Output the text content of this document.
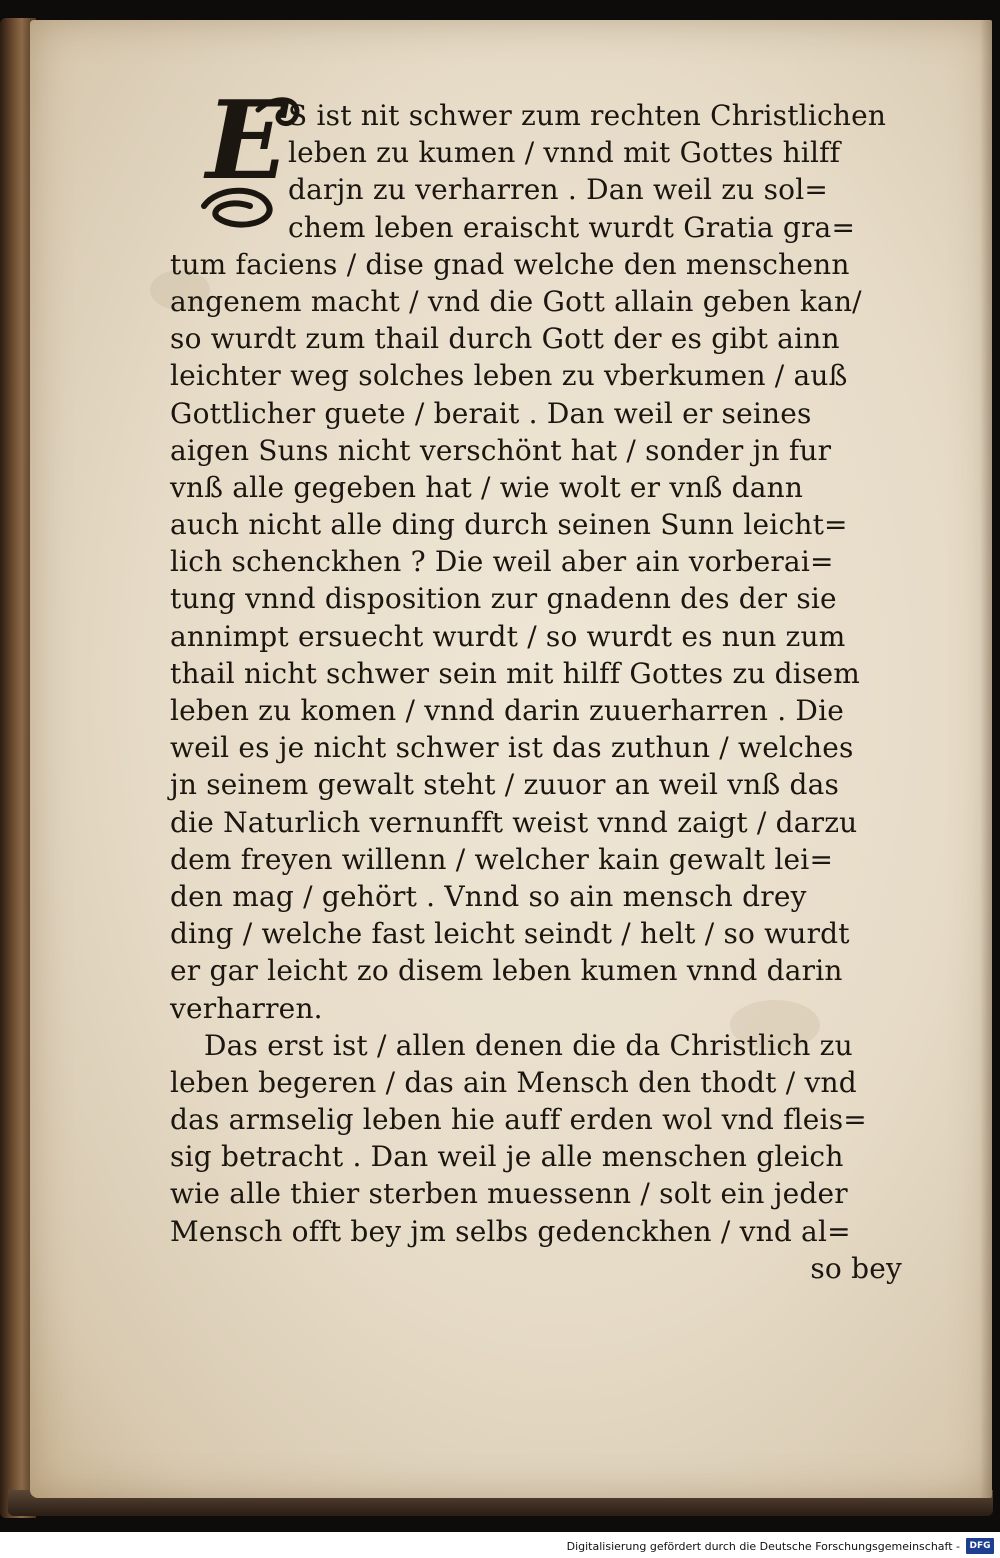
E S ist nit schwer zum rechten Christlichen
leben zu kumen / vnnd mit Gottes hilff
darjn zu verharren . Dan weil zu sol=
chem leben eraischt wurdt Gratia gra=
tum faciens / dise gnad welche den menschenn
angenem macht / vnd die Gott allain geben kan/
so wurdt zum thail durch Gott der es gibt ainn
leichter weg solches leben zu vberkumen / auß
Gottlicher guete / berait . Dan weil er seines
aigen Suns nicht verschönt hat / sonder jn fur
vnß alle gegeben hat / wie wolt er vnß dann
auch nicht alle ding durch seinen Sunn leicht=
lich schenckhen ? Die weil aber ain vorberai=
tung vnnd disposition zur gnadenn des der sie
annimpt ersuecht wurdt / so wurdt es nun zum
thail nicht schwer sein mit hilff Gottes zu disem
leben zu komen / vnnd darin zuuerharren . Die
weil es je nicht schwer ist das zuthun / welches
jn seinem gewalt steht / zuuor an weil vnß das
die Naturlich vernunfft weist vnnd zaigt / darzu
dem freyen willenn / welcher kain gewalt lei=
den mag / gehört . Vnnd so ain mensch drey
ding / welche fast leicht seindt / helt / so wurdt
er gar leicht zo disem leben kumen vnnd darin
verharren.
Das erst ist / allen denen die da Christlich zu
leben begeren / das ain Mensch den thodt / vnd
das armselig leben hie auff erden wol vnd fleis=
sig betracht . Dan weil je alle menschen gleich
wie alle thier sterben muessenn / solt ein jeder
Mensch offt bey jm selbs gedenckhen / vnd al=
so bey
Digitalisierung gefördert durch die Deutsche Forschungsgemeinschaft -	DFG
